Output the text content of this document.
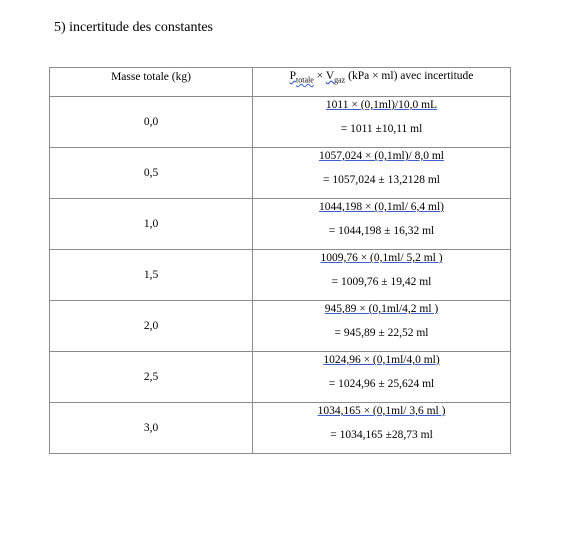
5) incertitude des constantes
Masse totale (kg)	$P_{totale} \times V_{gaz}$ (kPa × ml) avec incertitude
0,0	1011 × (0,1ml)/10,0 mL
= 1011 ±10,11 ml

0,5	1057,024 × (0,1ml)/ 8,0 ml
= 1057,024 ± 13,2128 ml

1,0	1044,198 × (0,1ml/ 6,4 ml)
= 1044,198 ± 16,32 ml

1,5	1009,76 × (0,1ml/ 5,2 ml )
= 1009,76 ± 19,42 ml

2,0	945,89 × (0,1ml/4,2 ml )
= 945,89 ± 22,52 ml

2,5	1024,96 × (0,1ml/4,0 ml)
= 1024,96 ± 25,624 ml

3,0	1034,165 × (0,1ml/ 3,6 ml )
= 1034,165 ±28,73 ml
